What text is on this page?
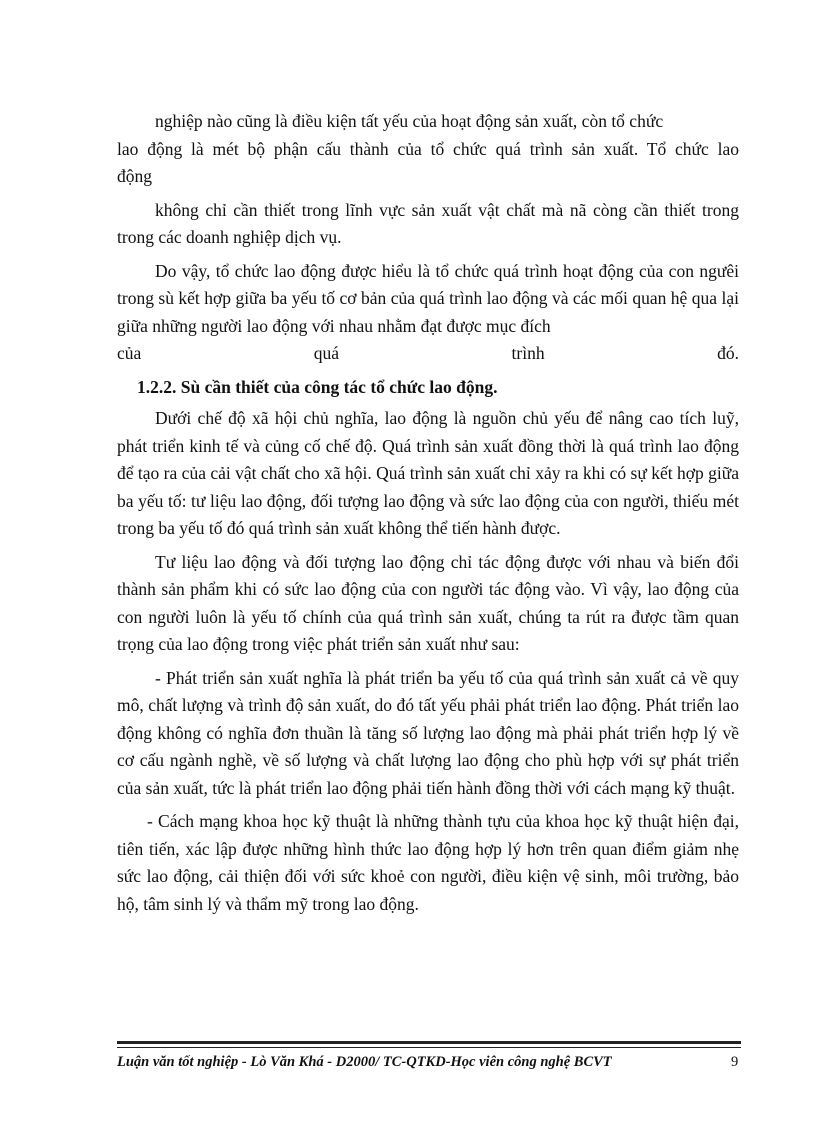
nghiệp nào cũng là điều kiện tất yếu của hoạt động sản xuất, còn tổ chức

lao động là mét bộ phận cấu thành của tổ chức quá trình sản xuất. Tổ chức lao

động

không chỉ cần thiết trong lĩnh vực sản xuất vật chất mà nã còng cần thiết trong trong các doanh nghiệp dịch vụ.

Do vậy, tổ chức lao động được hiểu là tổ chức quá trình hoạt động của con ngưêi trong sù kết hợp giữa ba yếu tố cơ bản của quá trình lao động và các mối quan hệ qua lại giữa những người lao động với nhau nhằm đạt được mục đích

của	quá	trình	đó.

1.2.2. Sù cần thiết của công tác tổ chức lao động.

Dưới chế độ xã hội chủ nghĩa, lao động là nguồn chủ yếu để nâng cao tích luỹ, phát triển kinh tế và củng cố chế độ. Quá trình sản xuất đồng thời là quá trình lao động để tạo ra của cải vật chất cho xã hội. Quá trình sản xuất chỉ xảy ra khi có sự kết hợp giữa ba yếu tố: tư liệu lao động, đối tượng lao động và sức lao động của con người, thiếu mét trong ba yếu tố đó quá trình sản xuất không thể tiến hành được.

Tư liệu lao động và đối tượng lao động chỉ tác động được với nhau và biến đổi thành sản phẩm khi có sức lao động của con người tác động vào. Vì vậy, lao động của con người luôn là yếu tố chính của quá trình sản xuất, chúng ta rút ra được tầm quan trọng của lao động trong việc phát triển sản xuất như sau:

- Phát triển sản xuất nghĩa là phát triển ba yếu tố của quá trình sản xuất cả về quy mô, chất lượng và trình độ sản xuất, do đó tất yếu phải phát triển lao động. Phát triển lao động không có nghĩa đơn thuần là tăng số lượng lao động mà phải phát triển hợp lý về cơ cấu ngành nghề, về số lượng và chất lượng lao động cho phù hợp với sự phát triển của sản xuất, tức là phát triển lao động phải tiến hành đồng thời với cách mạng kỹ thuật.

- Cách mạng khoa học kỹ thuật là những thành tựu của khoa học kỹ thuật hiện đại, tiên tiến, xác lập được những hình thức lao động hợp lý hơn trên quan điểm giảm nhẹ sức lao động, cải thiện đối với sức khoẻ con người, điều kiện vệ sinh, môi trường, bảo hộ, tâm sinh lý và thẩm mỹ trong lao động.

Luận văn tốt nghiệp - Lò Văn Khá - D2000/ TC-QTKD-Học viên công nghệ BCVT	9
